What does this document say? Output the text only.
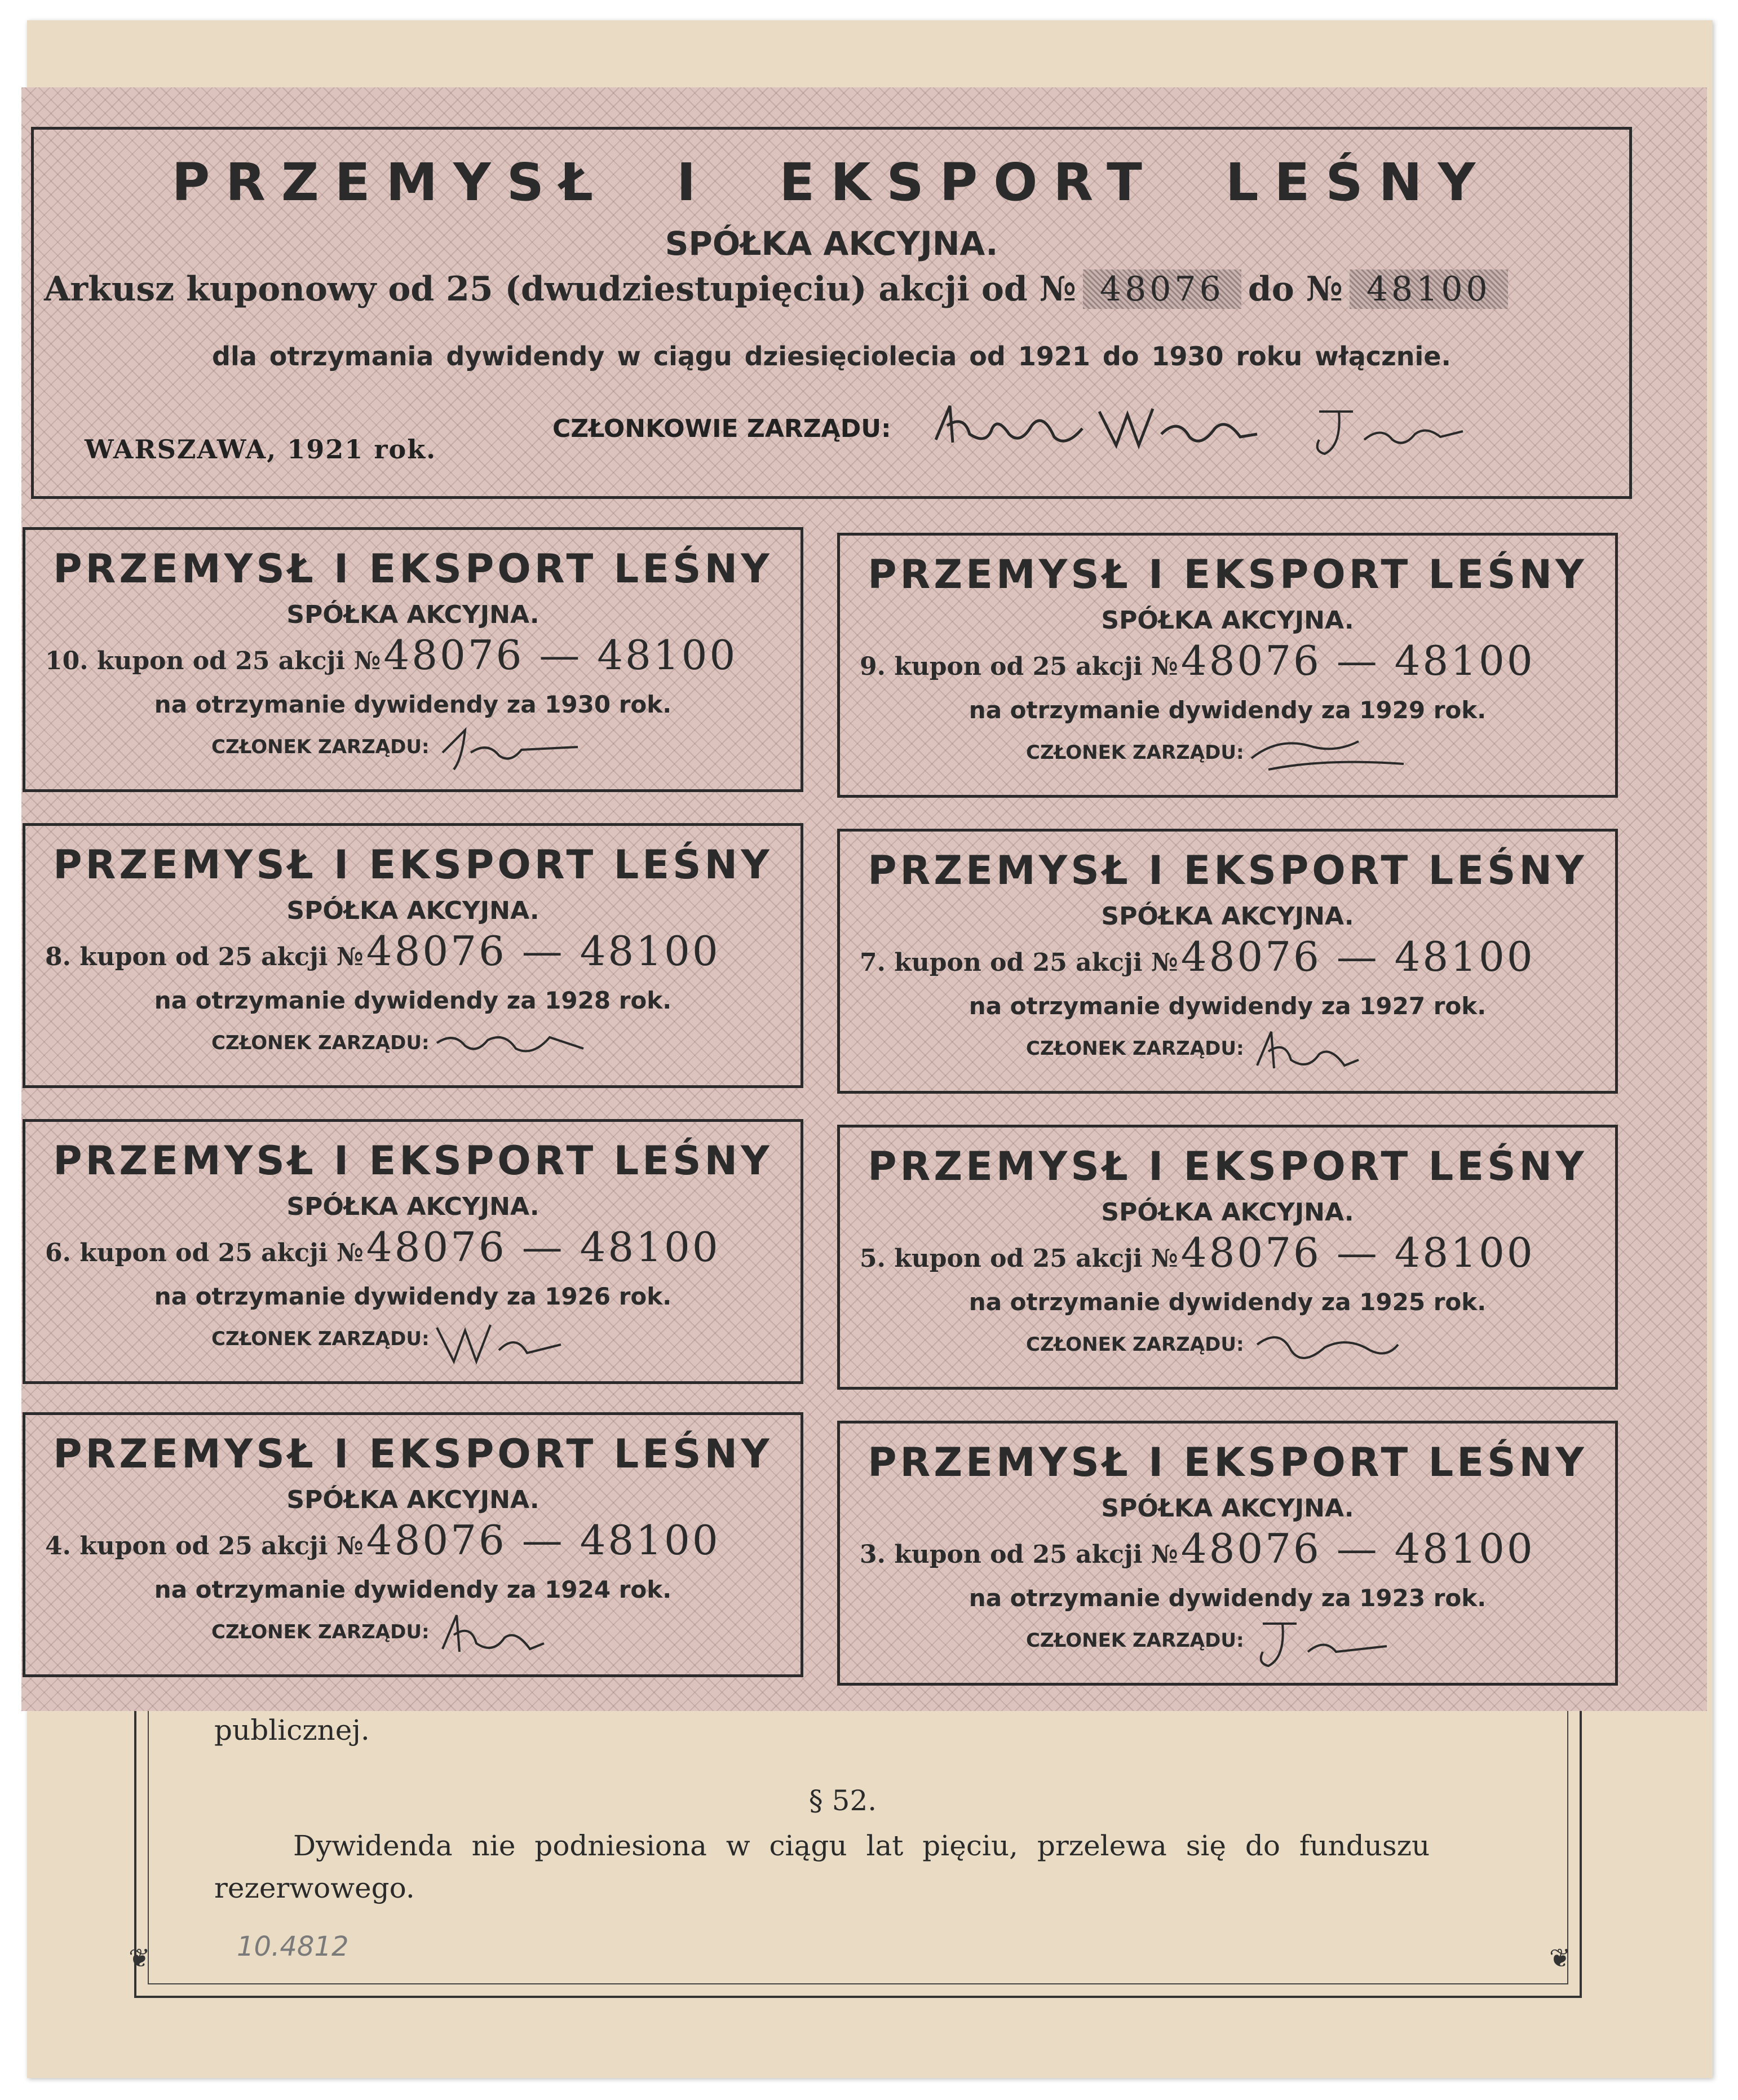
❦	❦
publicznej.
§ 52.
Dywidenda nie podniesiona w ciągu lat pięciu, przelewa się do funduszu
rezerwowego.
10.4812
PRZEMYSŁ I EKSPORT LEŚNY
SPÓŁKA AKCYJNA.
Arkusz kuponowy od 25 (dwudziestupięciu) akcji od № 48076 do № 48100
dla otrzymania dywidendy w ciągu dziesięciolecia od 1921 do 1930 roku włącznie.
WARSZAWA, 1921 rok.
CZŁONKOWIE ZARZĄDU:
PRZEMYSŁ I EKSPORT LEŚNY
SPÓŁKA AKCYJNA.
10. kupon od 25 akcji № 48076 — 48100
na otrzymanie dywidendy za 1930 rok.
CZŁONEK ZARZĄDU:
PRZEMYSŁ I EKSPORT LEŚNY
SPÓŁKA AKCYJNA.
9. kupon od 25 akcji № 48076 — 48100
na otrzymanie dywidendy za 1929 rok.
CZŁONEK ZARZĄDU:
PRZEMYSŁ I EKSPORT LEŚNY
SPÓŁKA AKCYJNA.
8. kupon od 25 akcji № 48076 — 48100
na otrzymanie dywidendy za 1928 rok.
CZŁONEK ZARZĄDU:
PRZEMYSŁ I EKSPORT LEŚNY
SPÓŁKA AKCYJNA.
7. kupon od 25 akcji № 48076 — 48100
na otrzymanie dywidendy za 1927 rok.
CZŁONEK ZARZĄDU:
PRZEMYSŁ I EKSPORT LEŚNY
SPÓŁKA AKCYJNA.
6. kupon od 25 akcji № 48076 — 48100
na otrzymanie dywidendy za 1926 rok.
CZŁONEK ZARZĄDU:
PRZEMYSŁ I EKSPORT LEŚNY
SPÓŁKA AKCYJNA.
5. kupon od 25 akcji № 48076 — 48100
na otrzymanie dywidendy za 1925 rok.
CZŁONEK ZARZĄDU:
PRZEMYSŁ I EKSPORT LEŚNY
SPÓŁKA AKCYJNA.
4. kupon od 25 akcji № 48076 — 48100
na otrzymanie dywidendy za 1924 rok.
CZŁONEK ZARZĄDU:
PRZEMYSŁ I EKSPORT LEŚNY
SPÓŁKA AKCYJNA.
3. kupon od 25 akcji № 48076 — 48100
na otrzymanie dywidendy za 1923 rok.
CZŁONEK ZARZĄDU:
